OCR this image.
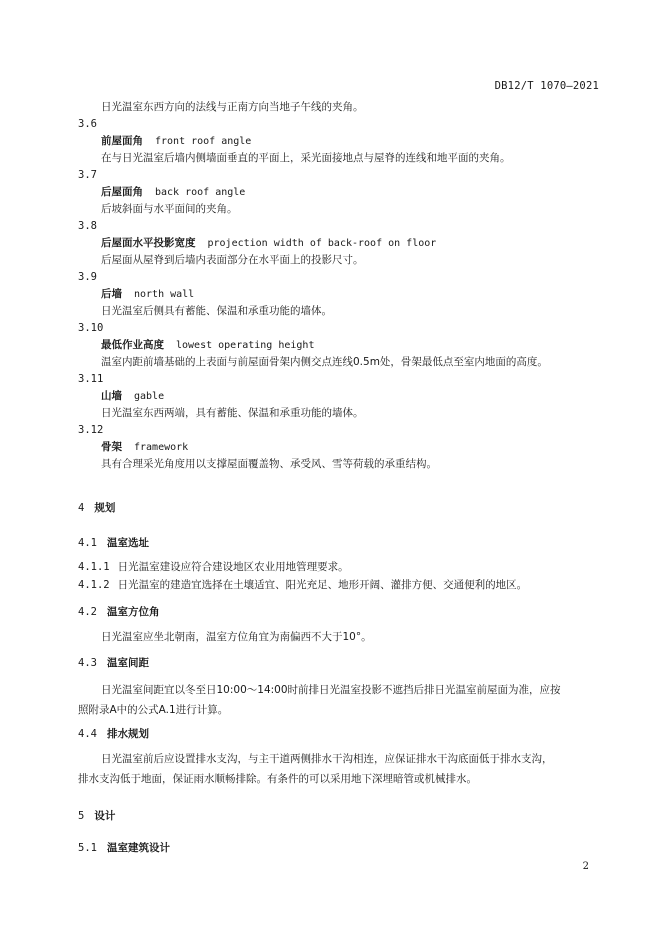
DB12/T 1070—2021
日光温室东西方向的法线与正南方向当地子午线的夹角。
3.6
前屋面角 front roof angle
在与日光温室后墙内侧墙面垂直的平面上，采光面接地点与屋脊的连线和地平面的夹角。
3.7
后屋面角 back roof angle
后坡斜面与水平面间的夹角。
3.8
后屋面水平投影宽度 projection width of back-roof on floor
后屋面从屋脊到后墙内表面部分在水平面上的投影尺寸。
3.9
后墙 north wall
日光温室后侧具有蓄能、保温和承重功能的墙体。
3.10
最低作业高度 lowest operating height
温室内距前墙基础的上表面与前屋面骨架内侧交点连线0.5m处，骨架最低点至室内地面的高度。
3.11
山墙 gable
日光温室东西两端，具有蓄能、保温和承重功能的墙体。
3.12
骨架 framework
具有合理采光角度用以支撑屋面覆盖物、承受风、雪等荷载的承重结构。
4 规划
4.1 温室选址
4.1.1 日光温室建设应符合建设地区农业用地管理要求。
4.1.2 日光温室的建造宜选择在土壤适宜、阳光充足、地形开阔、灌排方便、交通便利的地区。
4.2 温室方位角
日光温室应坐北朝南，温室方位角宜为南偏西不大于10°。
4.3 温室间距
日光温室间距宜以冬至日10:00～14:00时前排日光温室投影不遮挡后排日光温室前屋面为准，应按
照附录A中的公式A.1进行计算。
4.4 排水规划
日光温室前后应设置排水支沟，与主干道两侧排水干沟相连，应保证排水干沟底面低于排水支沟，
排水支沟低于地面，保证雨水顺畅排除。有条件的可以采用地下深埋暗管或机械排水。
5 设计
5.1 温室建筑设计
2
